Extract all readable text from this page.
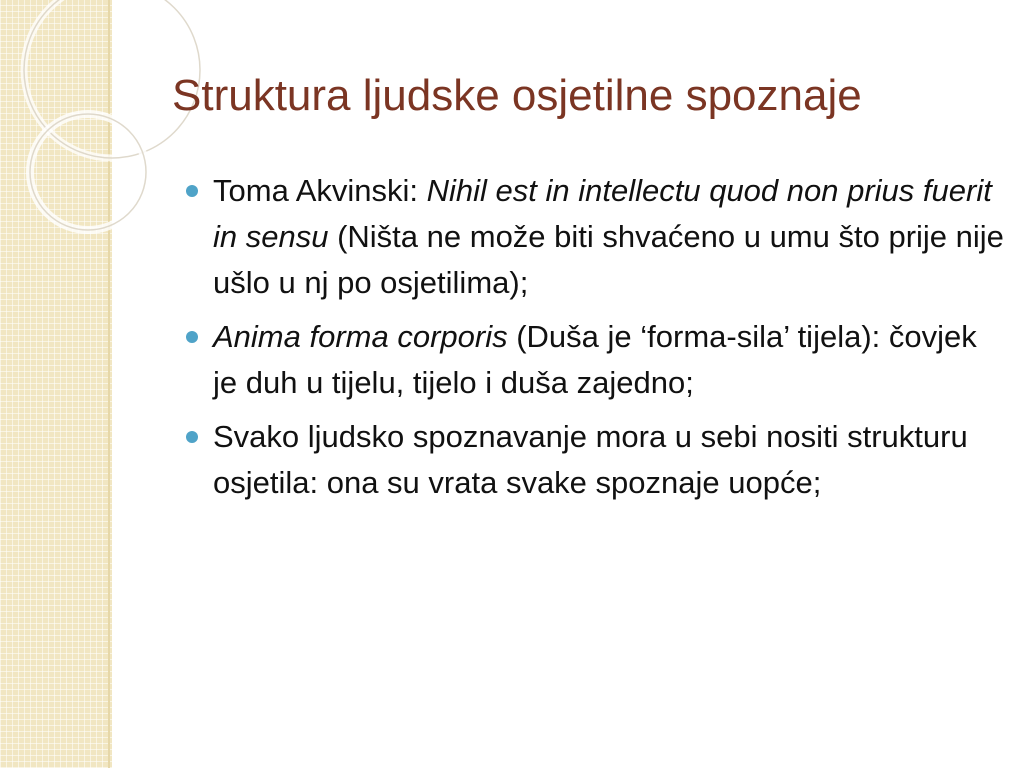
Struktura ljudske osjetilne spoznaje
Toma Akvinski: Nihil est in intellectu quod non prius fuerit in sensu (Ništa ne može biti shvaćeno u umu što prije nije ušlo u nj po osjetilima);
Anima forma corporis (Duša je ‘forma-sila’ tijela): čovjek je duh u tijelu, tijelo i duša zajedno;
Svako ljudsko spoznavanje mora u sebi nositi strukturu osjetila: ona su vrata svake spoznaje uopće;
